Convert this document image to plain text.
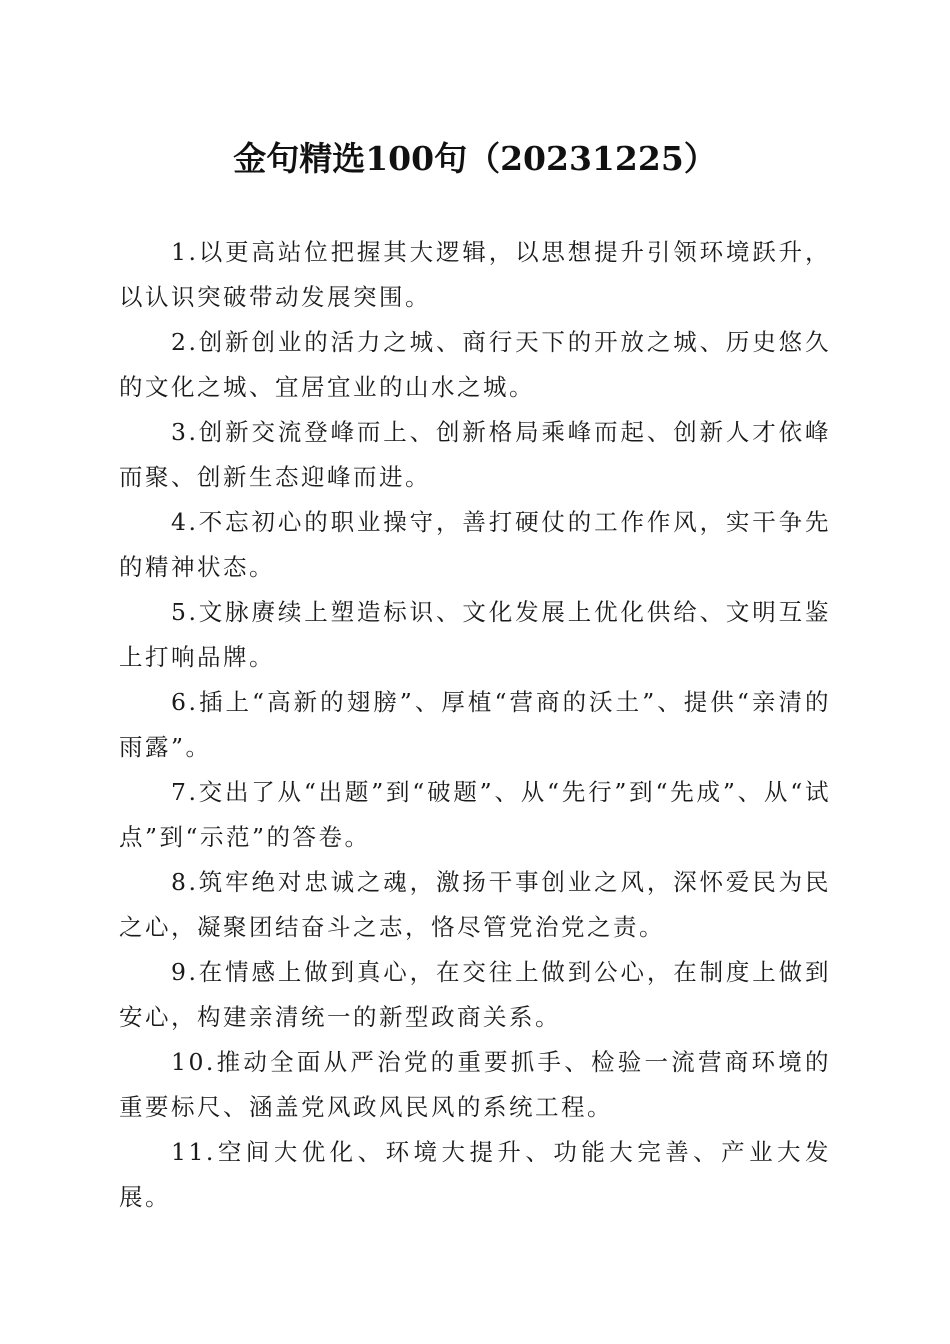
金句精选100句（20231225）

1.以更高站位把握其大逻辑，以思想提升引领环境跃升，以认识突破带动发展突围。

2.创新创业的活力之城、商行天下的开放之城、历史悠久的文化之城、宜居宜业的山水之城。

3.创新交流登峰而上、创新格局乘峰而起、创新人才依峰而聚、创新生态迎峰而进。

4.不忘初心的职业操守，善打硬仗的工作作风，实干争先的精神状态。

5.文脉赓续上塑造标识、文化发展上优化供给、文明互鉴上打响品牌。

6.插上“高新的翅膀”、厚植“营商的沃土”、提供“亲清的雨露”。

7.交出了从“出题”到“破题”、从“先行”到“先成”、从“试点”到“示范”的答卷。

8.筑牢绝对忠诚之魂，激扬干事创业之风，深怀爱民为民之心，凝聚团结奋斗之志，恪尽管党治党之责。

9.在情感上做到真心，在交往上做到公心，在制度上做到安心，构建亲清统一的新型政商关系。

10.推动全面从严治党的重要抓手、检验一流营商环境的重要标尺、涵盖党风政风民风的系统工程。

11.空间大优化、环境大提升、功能大完善、产业大发展。
